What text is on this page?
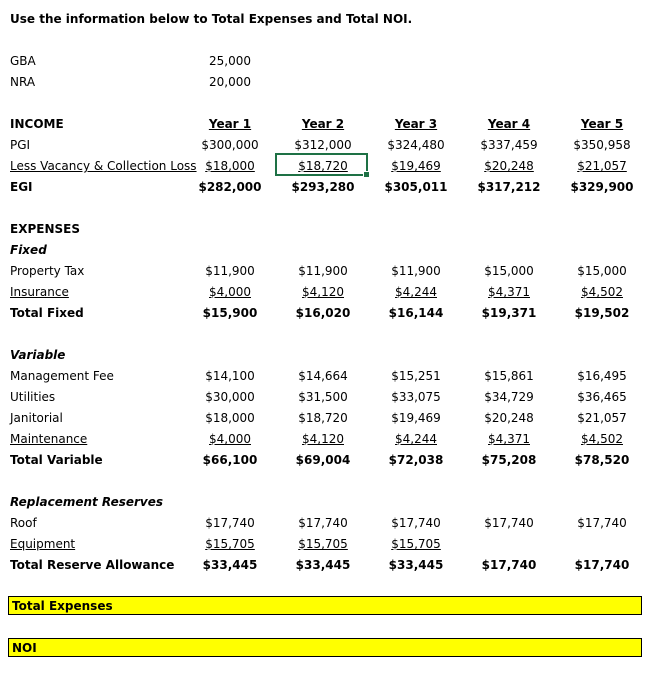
Use the information below to Total Expenses and Total NOI.
GBA	25,000
NRA	20,000
INCOME	Year 1	Year 2	Year 3	Year 4	Year 5
PGI	$300,000	$312,000	$324,480	$337,459	$350,958
Less Vacancy & Collection Loss $18,000	$18,720	$19,469	$20,248	$21,057
EGI	$282,000	$293,280	$305,011	$317,212	$329,900
Property Tax	$11,900	$11,900	$11,900	$15,000	$15,000
Insurance	$4,000	$4,120	$4,244	$4,371	$4,502
Total Fixed	$15,900	$16,020	$16,144	$19,371	$19,502
Management Fee	$14,100	$14,664	$15,251	$15,861	$16,495
Utilities	$30,000	$31,500	$33,075	$34,729	$36,465
Janitorial	$18,000	$18,720	$19,469	$20,248	$21,057
Maintenance	$4,000	$4,120	$4,244	$4,371	$4,502
Total Variable	$66,100	$69,004	$72,038	$75,208	$78,520
Roof	$17,740	$17,740	$17,740	$17,740	$17,740
Equipment	$15,705	$15,705	$15,705
Total Reserve Allowance	$33,445	$33,445	$33,445	$17,740	$17,740
EXPENSES
Fixed
Variable
Replacement Reserves
Total Expenses
NOI
